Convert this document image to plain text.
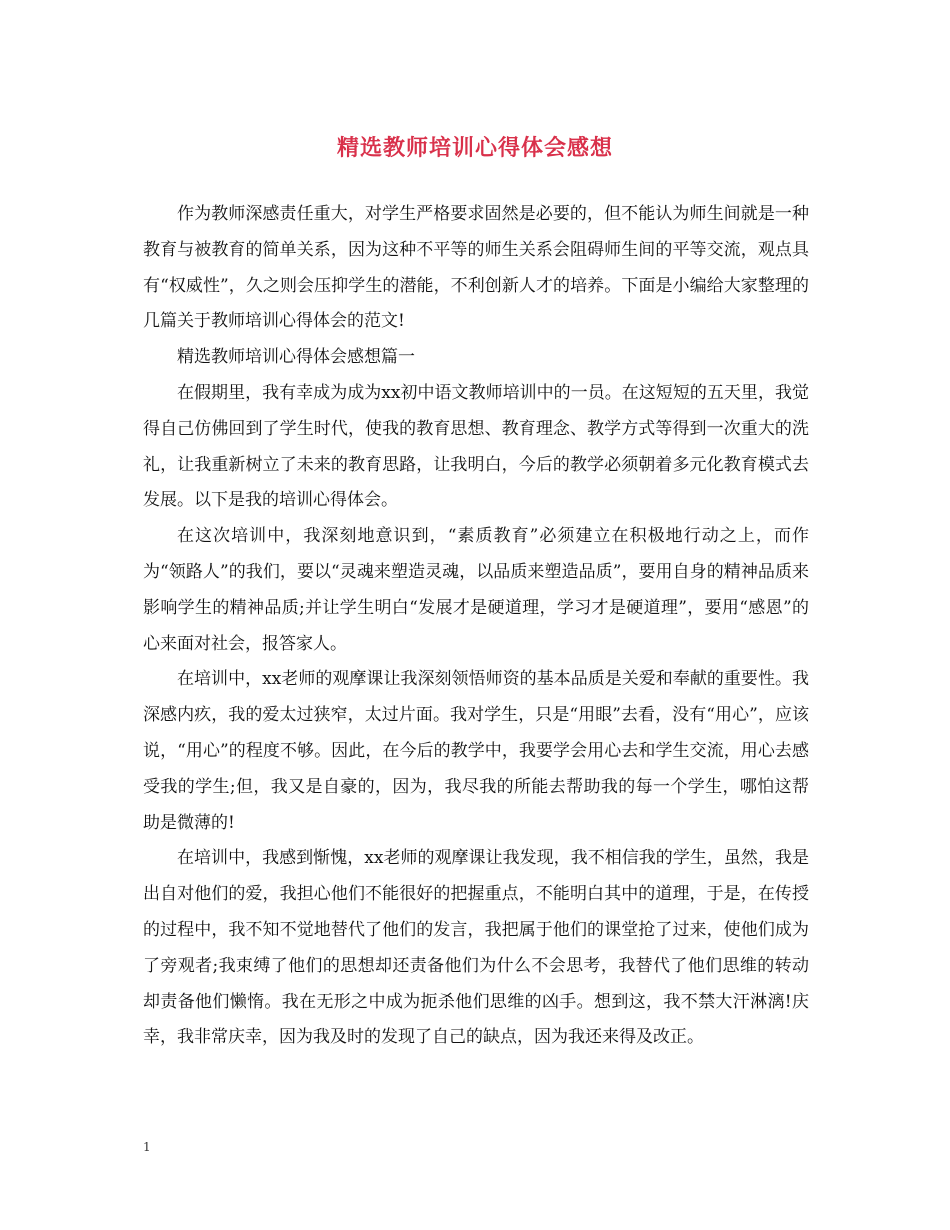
精选教师培训心得体会感想

作为教师深感责任重大，对学生严格要求固然是必要的，但不能认为师生间就是一种教育与被教育的简单关系，因为这种不平等的师生关系会阻碍师生间的平等交流，观点具有“权威性”，久之则会压抑学生的潜能，不利创新人才的培养。下面是小编给大家整理的几篇关于教师培训心得体会的范文!

精选教师培训心得体会感想篇一

在假期里，我有幸成为成为xx初中语文教师培训中的一员。在这短短的五天里，我觉得自己仿佛回到了学生时代，使我的教育思想、教育理念、教学方式等得到一次重大的洗礼，让我重新树立了未来的教育思路，让我明白，今后的教学必须朝着多元化教育模式去发展。以下是我的培训心得体会。

在这次培训中，我深刻地意识到，“素质教育”必须建立在积极地行动之上，而作为“领路人”的我们，要以“灵魂来塑造灵魂，以品质来塑造品质”，要用自身的精神品质来影响学生的精神品质;并让学生明白“发展才是硬道理，学习才是硬道理”，要用“感恩”的心来面对社会，报答家人。

在培训中，xx老师的观摩课让我深刻领悟师资的基本品质是关爱和奉献的重要性。我深感内疚，我的爱太过狭窄，太过片面。我对学生，只是“用眼”去看，没有“用心”，应该说，“用心”的程度不够。因此，在今后的教学中，我要学会用心去和学生交流，用心去感受我的学生;但，我又是自豪的，因为，我尽我的所能去帮助我的每一个学生，哪怕这帮助是微薄的!

在培训中，我感到惭愧，xx老师的观摩课让我发现，我不相信我的学生，虽然，我是出自对他们的爱，我担心他们不能很好的把握重点，不能明白其中的道理，于是，在传授的过程中，我不知不觉地替代了他们的发言，我把属于他们的课堂抢了过来，使他们成为了旁观者;我束缚了他们的思想却还责备他们为什么不会思考，我替代了他们思维的转动却责备他们懒惰。我在无形之中成为扼杀他们思维的凶手。想到这，我不禁大汗淋漓!庆幸，我非常庆幸，因为我及时的发现了自己的缺点，因为我还来得及改正。

1
